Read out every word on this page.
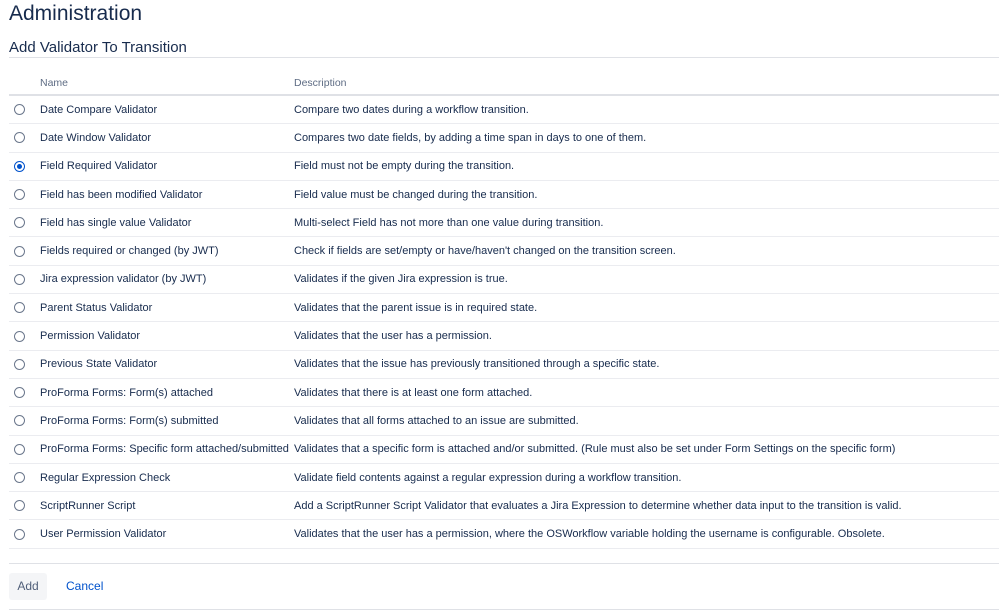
Administration
Add Validator To Transition
	Name	Description

	Date Compare Validator	Compare two dates during a workflow transition.

	Date Window Validator	Compares two date fields, by adding a time span in days to one of them.

	Field Required Validator	Field must not be empty during the transition.

	Field has been modified Validator	Field value must be changed during the transition.

	Field has single value Validator	Multi-select Field has not more than one value during transition.

	Fields required or changed (by JWT)	Check if fields are set/empty or have/haven't changed on the transition screen.

	Jira expression validator (by JWT)	Validates if the given Jira expression is true.

	Parent Status Validator	Validates that the parent issue is in required state.

	Permission Validator	Validates that the user has a permission.

	Previous State Validator	Validates that the issue has previously transitioned through a specific state.

	ProForma Forms: Form(s) attached	Validates that there is at least one form attached.

	ProForma Forms: Form(s) submitted	Validates that all forms attached to an issue are submitted.

	ProForma Forms: Specific form attached/submitted	Validates that a specific form is attached and/or submitted. (Rule must also be set under Form Settings on the specific form)

	Regular Expression Check	Validate field contents against a regular expression during a workflow transition.

	ScriptRunner Script	Add a ScriptRunner Script Validator that evaluates a Jira Expression to determine whether data input to the transition is valid.

	User Permission Validator	Validates that the user has a permission, where the OSWorkflow variable holding the username is configurable. Obsolete.
Add	Cancel
